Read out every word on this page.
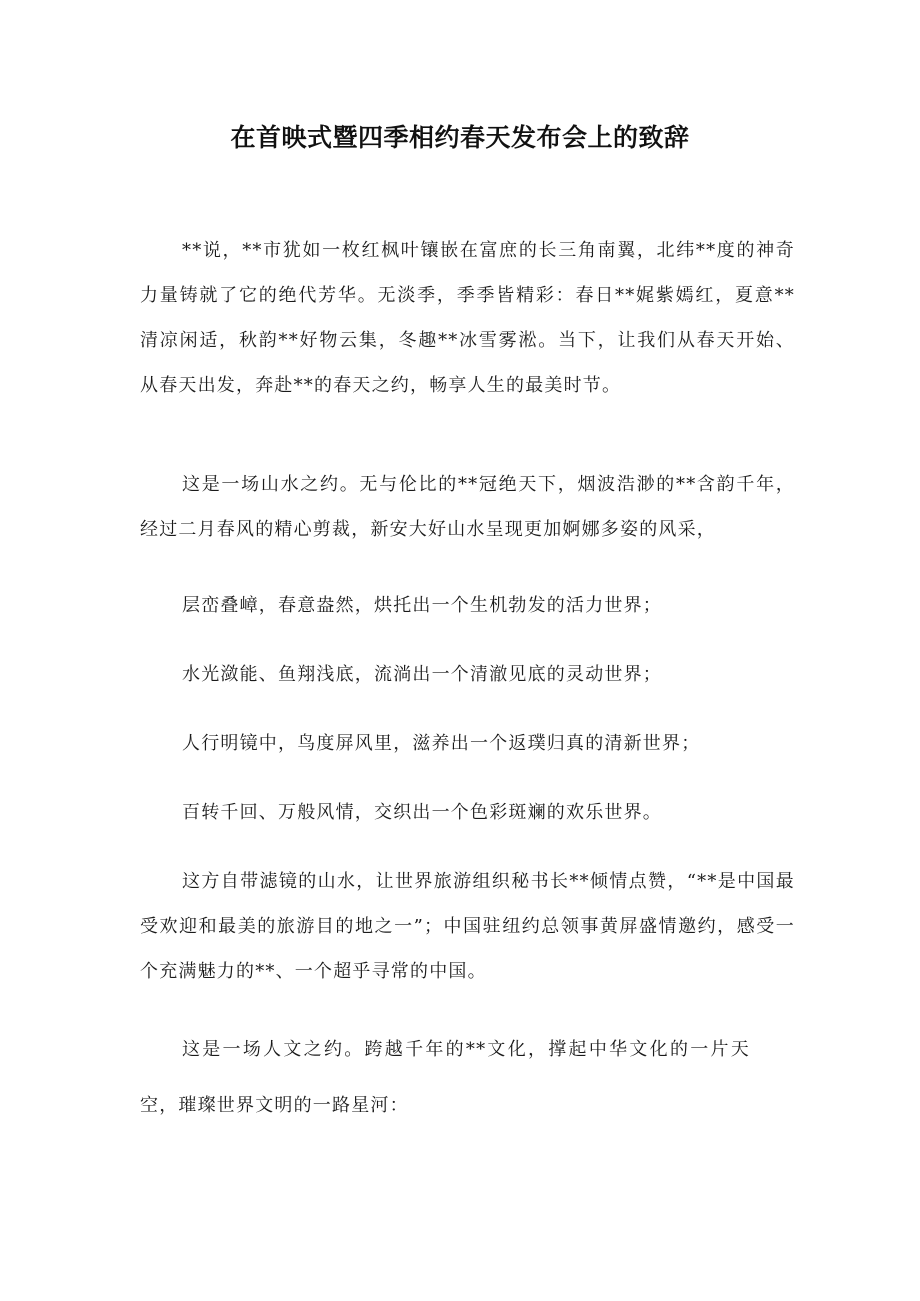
在首映式暨四季相约春天发布会上的致辞

**说，**市犹如一枚红枫叶镶嵌在富庶的长三角南翼，北纬**度的神奇力量铸就了它的绝代芳华。无淡季，季季皆精彩：春日**娓紫嫣红，夏意**清凉闲适，秋韵**好物云集，冬趣**冰雪雾淞。当下，让我们从春天开始、从春天出发，奔赴**的春天之约，畅享人生的最美时节。

这是一场山水之约。无与伦比的**冠绝天下，烟波浩渺的**含韵千年，经过二月春风的精心剪裁，新安大好山水呈现更加婀娜多姿的风采，

层峦叠嶂，春意盎然，烘托出一个生机勃发的活力世界；

水光潋能、鱼翔浅底，流淌出一个清澈见底的灵动世界；

人行明镜中，鸟度屏风里，滋养出一个返璞归真的清新世界；

百转千回、万般风情，交织出一个色彩斑斓的欢乐世界。

这方自带滤镜的山水，让世界旅游组织秘书长**倾情点赞，“**是中国最受欢迎和最美的旅游目的地之一”；中国驻纽约总领事黄屏盛情邀约，感受一个充满魅力的**、一个超乎寻常的中国。

这是一场人文之约。跨越千年的**文化，撑起中华文化的一片天空，璀璨世界文明的一路星河：
